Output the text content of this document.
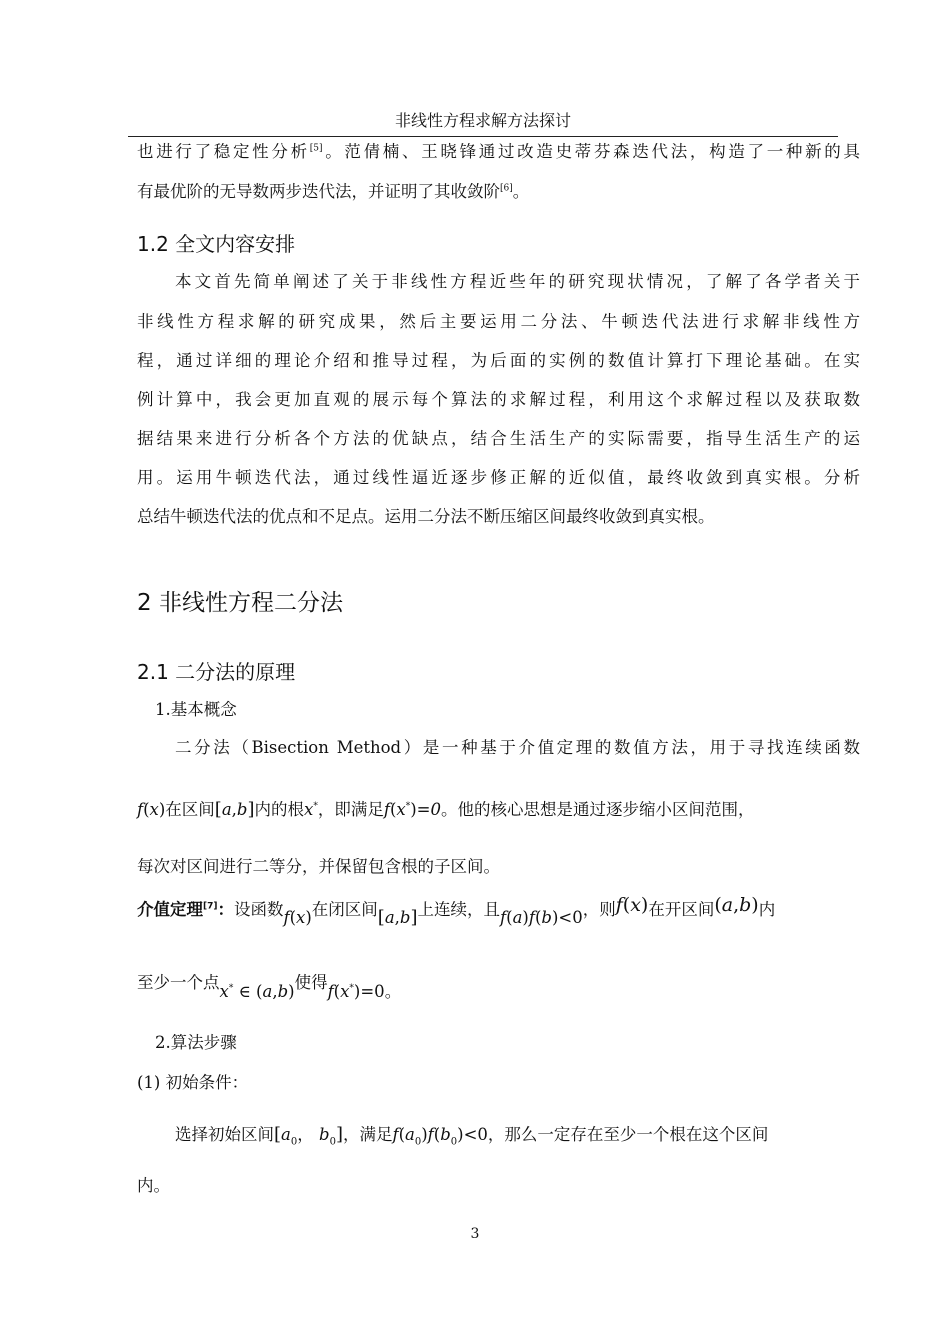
非线性方程求解方法探讨
也进行了稳定性分析[5]。范倩楠、王晓锋通过改造史蒂芬森迭代法，构造了一种新的具
有最优阶的无导数两步迭代法，并证明了其收敛阶[6]。
1.2 全文内容安排
本文首先简单阐述了关于非线性方程近些年的研究现状情况，了解了各学者关于
非线性方程求解的研究成果，然后主要运用二分法、牛顿迭代法进行求解非线性方
程，通过详细的理论介绍和推导过程，为后面的实例的数值计算打下理论基础。在实
例计算中，我会更加直观的展示每个算法的求解过程，利用这个求解过程以及获取数
据结果来进行分析各个方法的优缺点，结合生活生产的实际需要，指导生活生产的运
用。运用牛顿迭代法，通过线性逼近逐步修正解的近似值，最终收敛到真实根。分析
总结牛顿迭代法的优点和不足点。运用二分法不断压缩区间最终收敛到真实根。
2 非线性方程二分法
2.1 二分法的原理
1.基本概念
二分法（Bisection Method）是一种基于介值定理的数值方法，用于寻找连续函数
f(x)在区间[a,b]内的根x*，即满足f(x*)=0。他的核心思想是通过逐步缩小区间范围，
每次对区间进行二等分，并保留包含根的子区间。
介值定理[7]：设函数f(x)在闭区间[a,b]上连续，且f(a)f(b)<0，则f(x)在开区间(a,b)内
至少一个点x* ∈ (a,b)使得f(x*)=0。
2.算法步骤
(1) 初始条件：
选择初始区间[$a_0$， $b_0$]，满足$f(a_0)f(b_0)<0$，那么一定存在至少一个根在这个区间
内。
3
